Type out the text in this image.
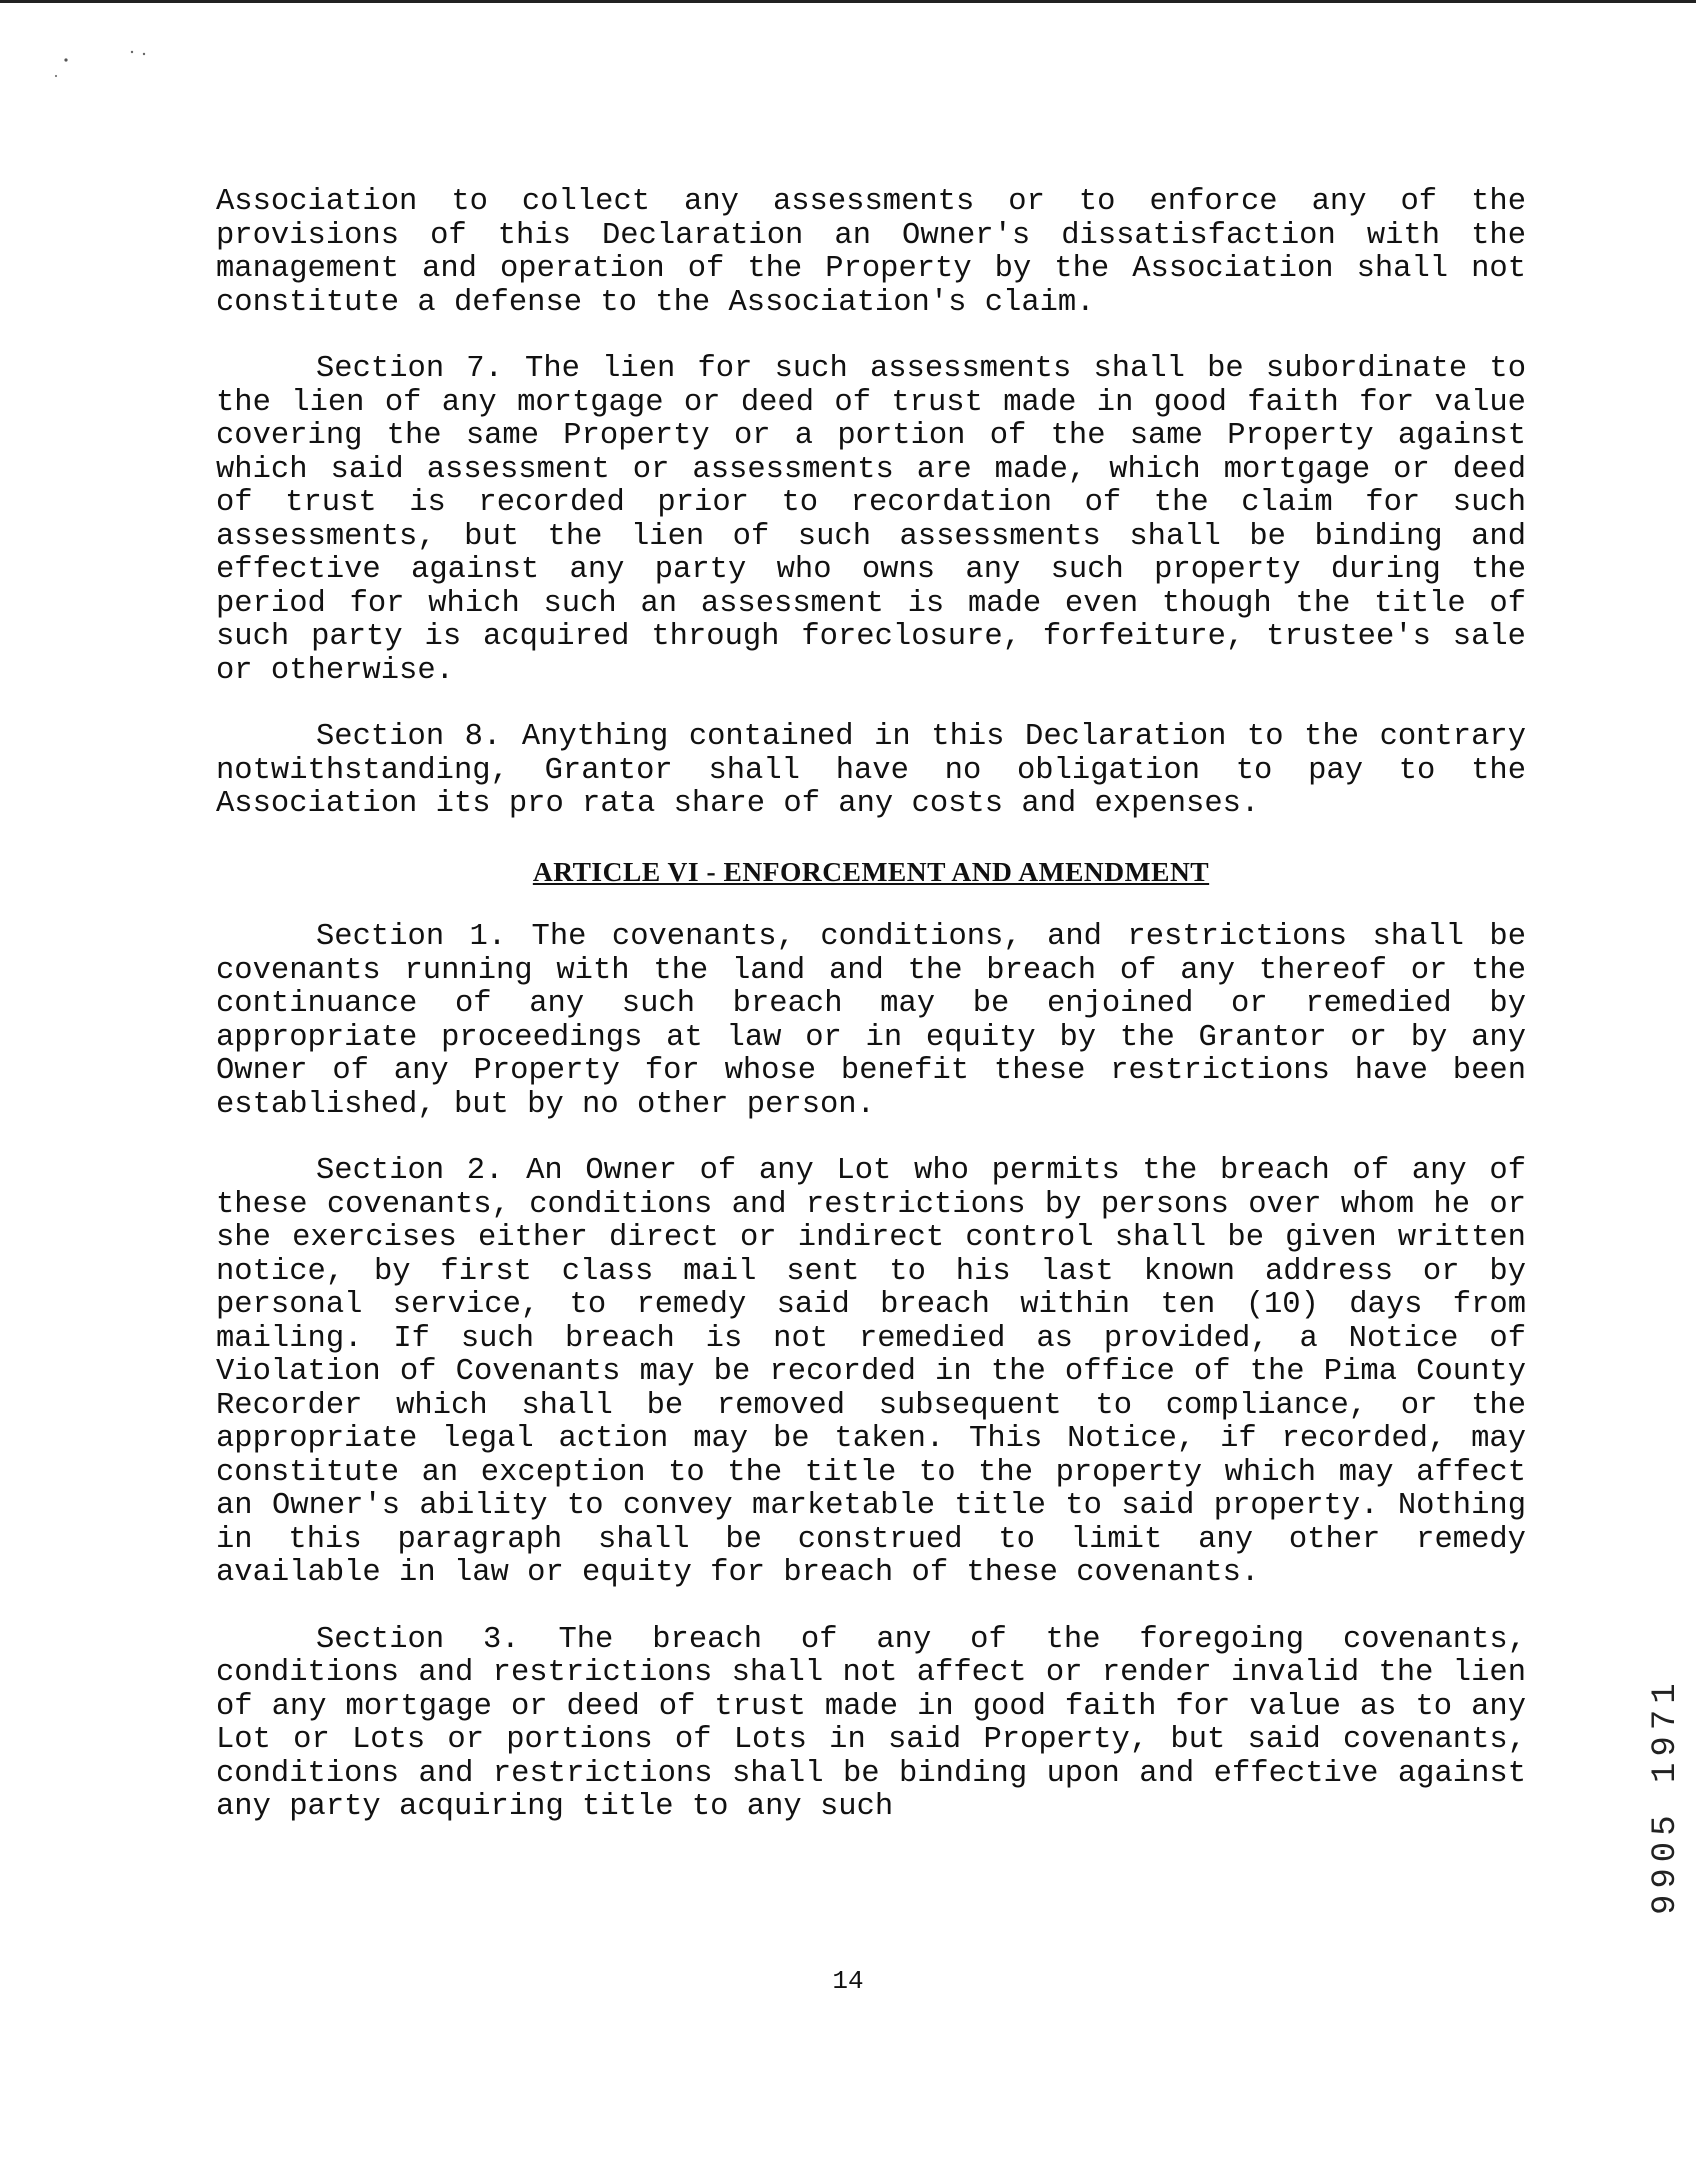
Association to collect any assessments or to enforce any of the provisions of this Declaration an Owner's dissatisfaction with the management and operation of the Property by the Association shall not constitute a defense to the Association's claim.

Section 7. The lien for such assessments shall be subordinate to the lien of any mortgage or deed of trust made in good faith for value covering the same Property or a portion of the same Property against which said assessment or assessments are made, which mortgage or deed of trust is recorded prior to recordation of the claim for such assessments, but the lien of such assessments shall be binding and effective against any party who owns any such property during the period for which such an assessment is made even though the title of such party is acquired through foreclosure, forfeiture, trustee's sale or otherwise.

Section 8. Anything contained in this Declaration to the contrary notwithstanding, Grantor shall have no obligation to pay to the Association its pro rata share of any costs and expenses.

ARTICLE VI - ENFORCEMENT AND AMENDMENT

Section 1. The covenants, conditions, and restrictions shall be covenants running with the land and the breach of any thereof or the continuance of any such breach may be enjoined or remedied by appropriate proceedings at law or in equity by the Grantor or by any Owner of any Property for whose benefit these restrictions have been established, but by no other person.

Section 2. An Owner of any Lot who permits the breach of any of these covenants, conditions and restrictions by persons over whom he or she exercises either direct or indirect control shall be given written notice, by first class mail sent to his last known address or by personal service, to remedy said breach within ten (10) days from mailing. If such breach is not remedied as provided, a Notice of Violation of Covenants may be recorded in the office of the Pima County Recorder which shall be removed subsequent to compliance, or the appropriate legal action may be taken. This Notice, if recorded, may constitute an exception to the title to the property which may affect an Owner's ability to convey marketable title to said property. Nothing in this paragraph shall be construed to limit any other remedy available in law or equity for breach of these covenants.

Section 3. The breach of any of the foregoing covenants, conditions and restrictions shall not affect or render invalid the lien of any mortgage or deed of trust made in good faith for value as to any Lot or Lots or portions of Lots in said Property, but said covenants, conditions and restrictions shall be binding upon and effective against any party acquiring title to any such

14
9905 1971
